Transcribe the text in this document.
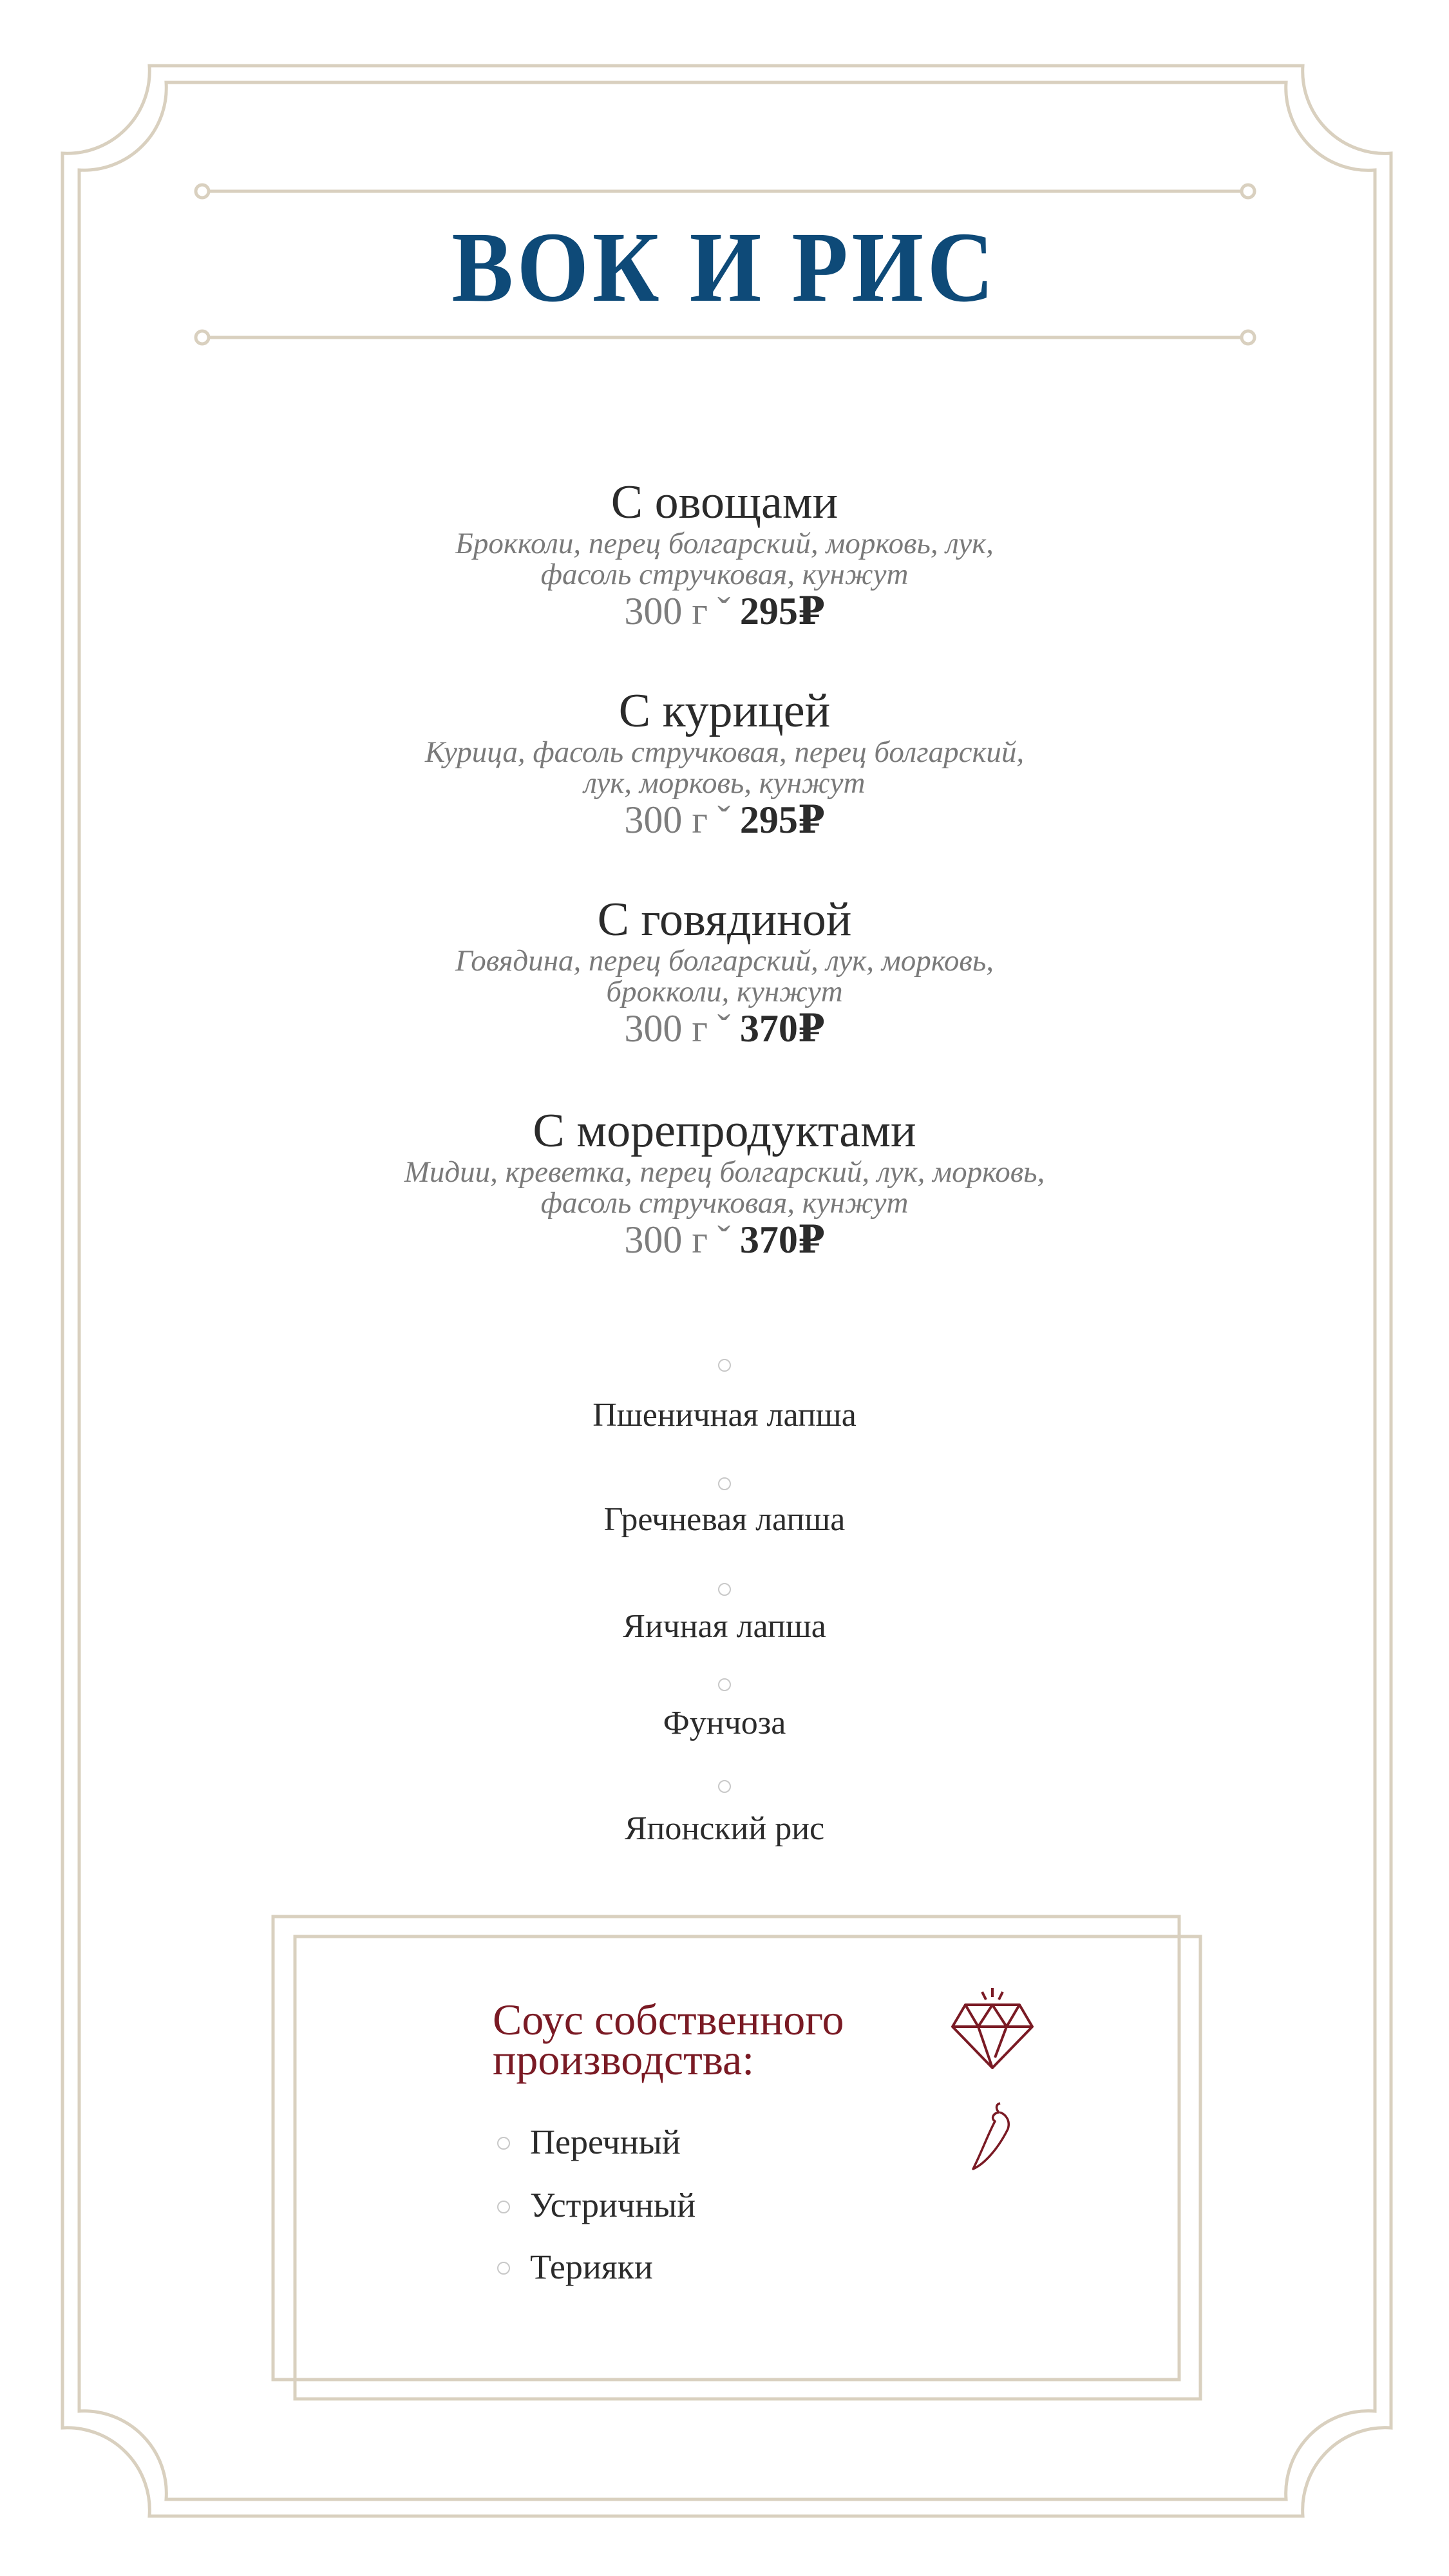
ВОК И РИС
С овощами
Брокколи, перец болгарский, морковь, лук,
фасоль стручковая, кунжут
300 г ˇ 295₽
С курицей
Курица, фасоль стручковая, перец болгарский,
лук, морковь, кунжут
300 г ˇ 295₽
С говядиной
Говядина, перец болгарский, лук, морковь,
брокколи, кунжут
300 г ˇ 370₽
С морепродуктами
Мидии, креветка, перец болгарский, лук, морковь,
фасоль стручковая, кунжут
300 г ˇ 370₽
Пшеничная лапша
Гречневая лапша
Яичная лапша
Фунчоза
Японский рис
Соус собственного
производства:
Перечный
Устричный
Терияки
